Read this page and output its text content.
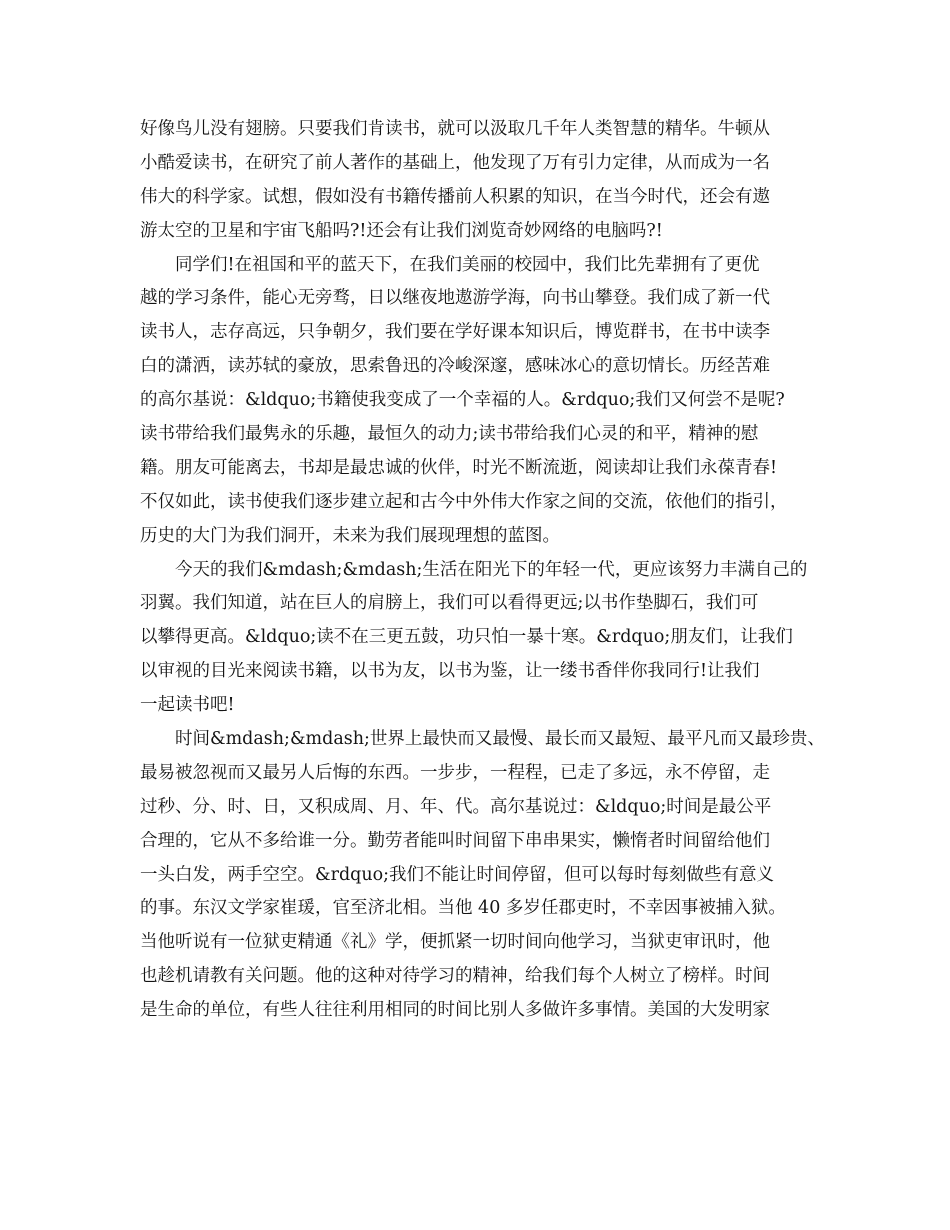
好像鸟儿没有翅膀。只要我们肯读书，就可以汲取几千年人类智慧的精华。牛顿从
小酷爱读书，在研究了前人著作的基础上，他发现了万有引力定律，从而成为一名
伟大的科学家。试想，假如没有书籍传播前人积累的知识，在当今时代，还会有遨
游太空的卫星和宇宙飞船吗?!还会有让我们浏览奇妙网络的电脑吗?!
同学们!在祖国和平的蓝天下，在我们美丽的校园中，我们比先辈拥有了更优
越的学习条件，能心无旁骛，日以继夜地遨游学海，向书山攀登。我们成了新一代
读书人，志存高远，只争朝夕，我们要在学好课本知识后，博览群书，在书中读李
白的潇洒，读苏轼的豪放，思索鲁迅的冷峻深邃，感味冰心的意切情长。历经苦难
的高尔基说：&ldquo;书籍使我变成了一个幸福的人。&rdquo;我们又何尝不是呢?
读书带给我们最隽永的乐趣，最恒久的动力;读书带给我们心灵的和平，精神的慰
籍。朋友可能离去，书却是最忠诚的伙伴，时光不断流逝，阅读却让我们永葆青春!
不仅如此，读书使我们逐步建立起和古今中外伟大作家之间的交流，依他们的指引，
历史的大门为我们洞开，未来为我们展现理想的蓝图。
今天的我们&mdash;&mdash;生活在阳光下的年轻一代，更应该努力丰满自己的
羽翼。我们知道，站在巨人的肩膀上，我们可以看得更远;以书作垫脚石，我们可
以攀得更高。&ldquo;读不在三更五鼓，功只怕一暴十寒。&rdquo;朋友们，让我们
以审视的目光来阅读书籍，以书为友，以书为鉴，让一缕书香伴你我同行!让我们
一起读书吧!
时间&mdash;&mdash;世界上最快而又最慢、最长而又最短、最平凡而又最珍贵、
最易被忽视而又最另人后悔的东西。一步步，一程程，已走了多远，永不停留，走
过秒、分、时、日，又积成周、月、年、代。高尔基说过：&ldquo;时间是最公平
合理的，它从不多给谁一分。勤劳者能叫时间留下串串果实，懒惰者时间留给他们
一头白发，两手空空。&rdquo;我们不能让时间停留，但可以每时每刻做些有意义
的事。东汉文学家崔瑗，官至济北相。当他 40 多岁任郡吏时，不幸因事被捕入狱。
当他听说有一位狱吏精通《礼》学，便抓紧一切时间向他学习，当狱吏审讯时，他
也趁机请教有关问题。他的这种对待学习的精神，给我们每个人树立了榜样。时间
是生命的单位，有些人往往利用相同的时间比别人多做许多事情。美国的大发明家
